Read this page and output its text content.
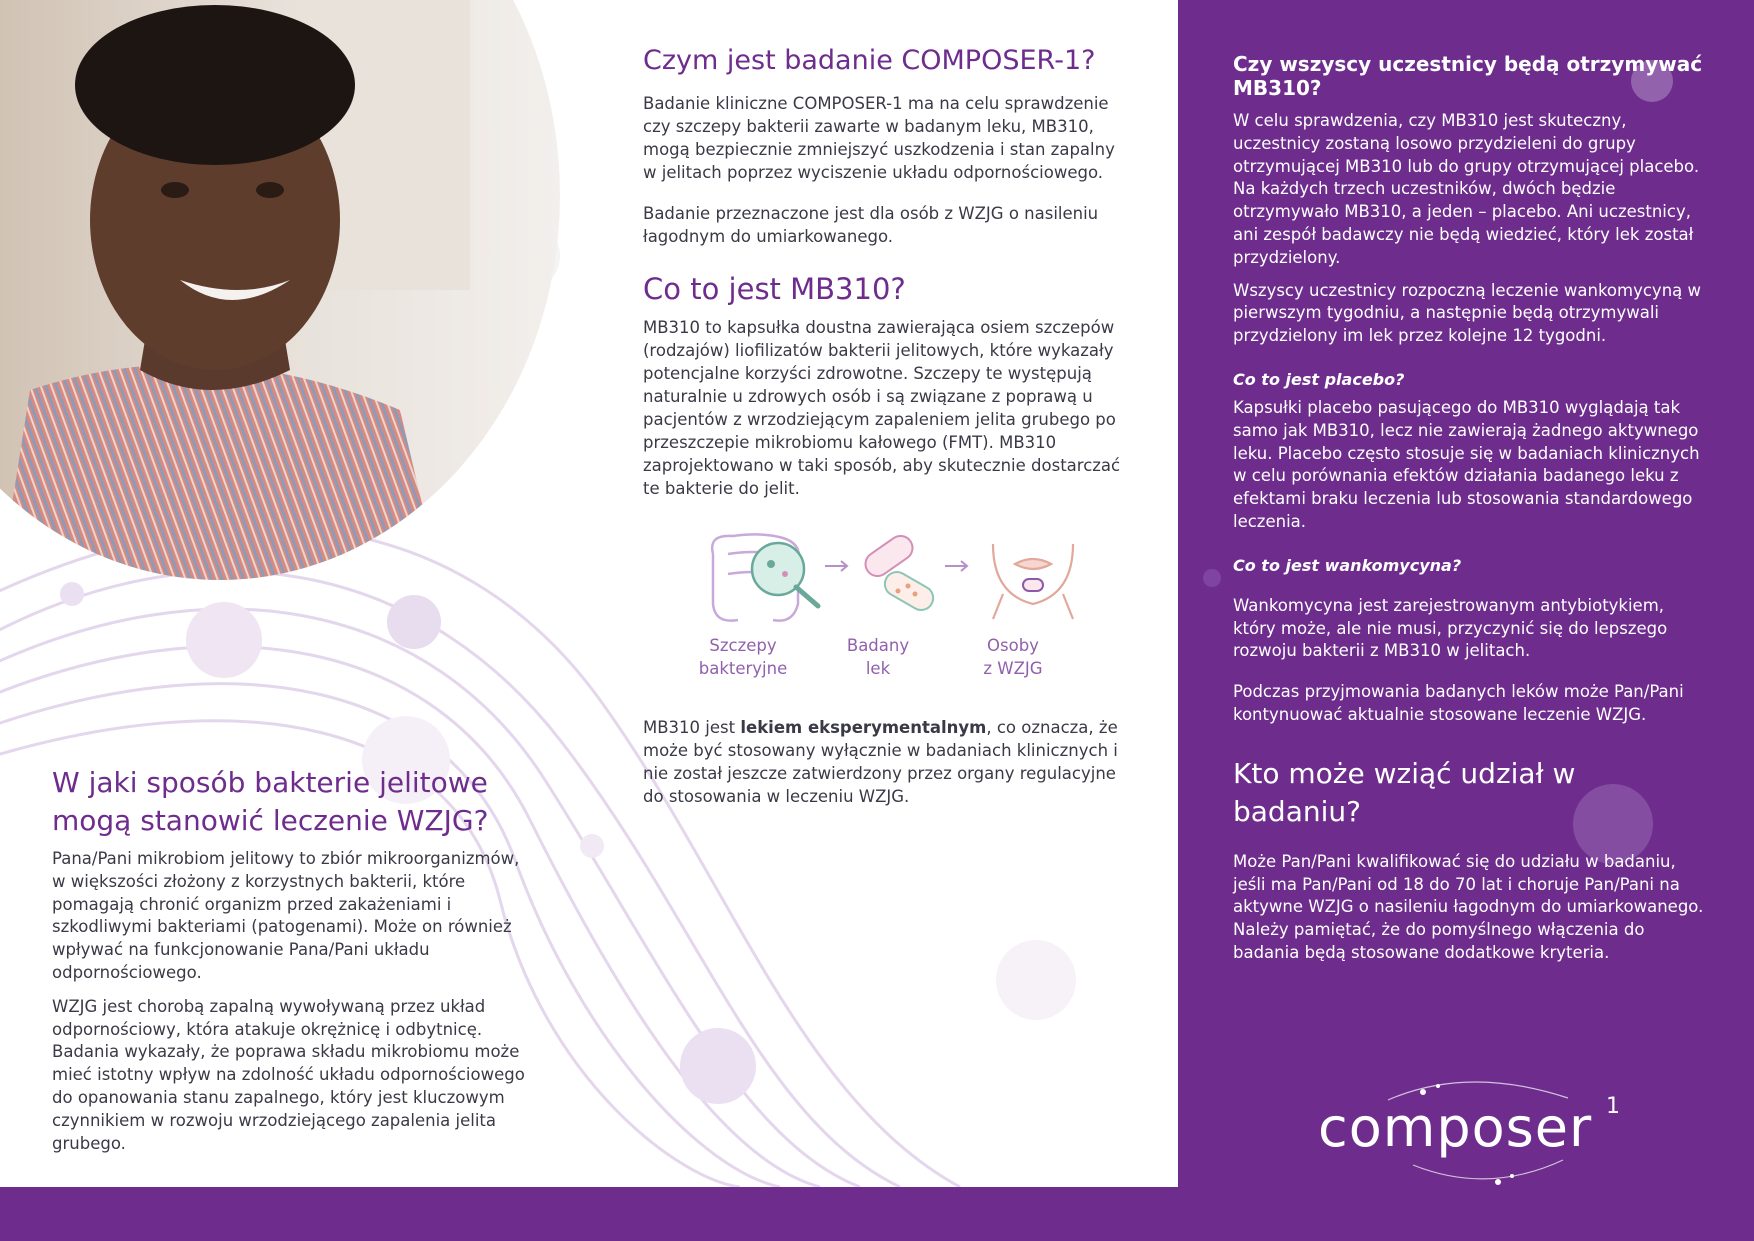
Czym jest badanie COMPOSER-1?

Badanie kliniczne COMPOSER-1 ma na celu sprawdzenie czy szczepy bakterii zawarte w badanym leku, MB310, mogą bezpiecznie zmniejszyć uszkodzenia i stan zapalny w jelitach poprzez wyciszenie układu odpornościowego.

Badanie przeznaczone jest dla osób z WZJG o nasileniu łagodnym do umiarkowanego.

Co to jest MB310?

MB310 to kapsułka doustna zawierająca osiem szczepów (rodzajów) liofilizatów bakterii jelitowych, które wykazały potencjalne korzyści zdrowotne. Szczepy te występują naturalnie u zdrowych osób i są związane z poprawą u pacjentów z wrzodziejącym zapaleniem jelita grubego po przeszczepie mikrobiomu kałowego (FMT). MB310 zaprojektowano w taki sposób, aby skutecznie dostarczać te bakterie do jelit.

Szczepy
bakteryjne
Badany
lek
Osoby
z WZJG

MB310 jest lekiem eksperymentalnym, co oznacza, że może być stosowany wyłącznie w badaniach klinicznych i nie został jeszcze zatwierdzony przez organy regulacyjne do stosowania w leczeniu WZJG.

W jaki sposób bakterie jelitowe mogą stanowić leczenie WZJG?

Pana/Pani mikrobiom jelitowy to zbiór mikroorganizmów, w większości złożony z korzystnych bakterii, które pomagają chronić organizm przed zakażeniami i szkodliwymi bakteriami (patogenami). Może on również wpływać na funkcjonowanie Pana/Pani układu odpornościowego.

WZJG jest chorobą zapalną wywoływaną przez układ odpornościowy, która atakuje okrężnicę i odbytnicę. Badania wykazały, że poprawa składu mikrobiomu może mieć istotny wpływ na zdolność układu odpornościowego do opanowania stanu zapalnego, który jest kluczowym czynnikiem w rozwoju wrzodziejącego zapalenia jelita grubego.

Czy wszyscy uczestnicy będą otrzymywać MB310?

W celu sprawdzenia, czy MB310 jest skuteczny, uczestnicy zostaną losowo przydzieleni do grupy otrzymującej MB310 lub do grupy otrzymującej placebo. Na każdych trzech uczestników, dwóch będzie otrzymywało MB310, a jeden – placebo. Ani uczestnicy, ani zespół badawczy nie będą wiedzieć, który lek został przydzielony.

Wszyscy uczestnicy rozpoczną leczenie wankomycyną w pierwszym tygodniu, a następnie będą otrzymywali przydzielony im lek przez kolejne 12 tygodni.

Co to jest placebo?

Kapsułki placebo pasującego do MB310 wyglądają tak samo jak MB310, lecz nie zawierają żadnego aktywnego leku. Placebo często stosuje się w badaniach klinicznych w celu porównania efektów działania badanego leku z efektami braku leczenia lub stosowania standardowego leczenia.

Co to jest wankomycyna?

Wankomycyna jest zarejestrowanym antybiotykiem, który może, ale nie musi, przyczynić się do lepszego rozwoju bakterii z MB310 w jelitach.

Podczas przyjmowania badanych leków może Pan/Pani kontynuować aktualnie stosowane leczenie WZJG.

Kto może wziąć udział w badaniu?

Może Pan/Pani kwalifikować się do udziału w badaniu, jeśli ma Pan/Pani od 18 do 70 lat i choruje Pan/Pani na aktywne WZJG o nasileniu łagodnym do umiarkowanego. Należy pamiętać, że do pomyślnego włączenia do badania będą stosowane dodatkowe kryteria.

composer 1
